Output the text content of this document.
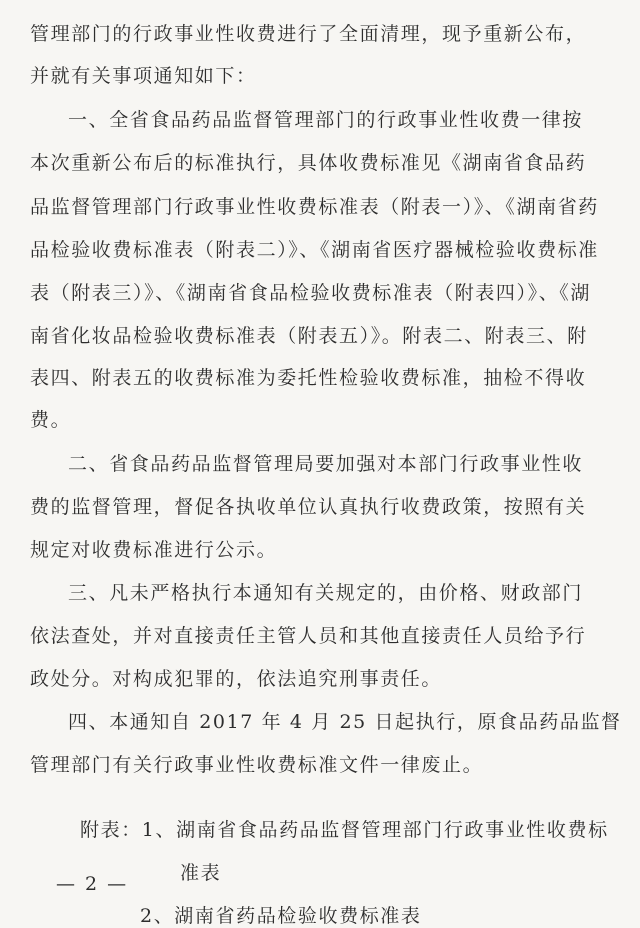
管理部门的行政事业性收费进行了全面清理，现予重新公布，
并就有关事项通知如下：
一、全省食品药品监督管理部门的行政事业性收费一律按
本次重新公布后的标准执行，具体收费标准见《湖南省食品药
品监督管理部门行政事业性收费标准表（附表一）》、《湖南省药
品检验收费标准表（附表二）》、《湖南省医疗器械检验收费标准
表（附表三）》、《湖南省食品检验收费标准表（附表四）》、《湖
南省化妆品检验收费标准表（附表五）》。附表二、附表三、附
表四、附表五的收费标准为委托性检验收费标准，抽检不得收
费。
二、省食品药品监督管理局要加强对本部门行政事业性收
费的监督管理，督促各执收单位认真执行收费政策，按照有关
规定对收费标准进行公示。
三、凡未严格执行本通知有关规定的，由价格、财政部门
依法查处，并对直接责任主管人员和其他直接责任人员给予行
政处分。对构成犯罪的，依法追究刑事责任。
四、本通知自 2017 年 4 月 25 日起执行，原食品药品监督
管理部门有关行政事业性收费标准文件一律废止。
附表：1、湖南省食品药品监督管理部门行政事业性收费标
准表
2、湖南省药品检验收费标准表
— 2 —
